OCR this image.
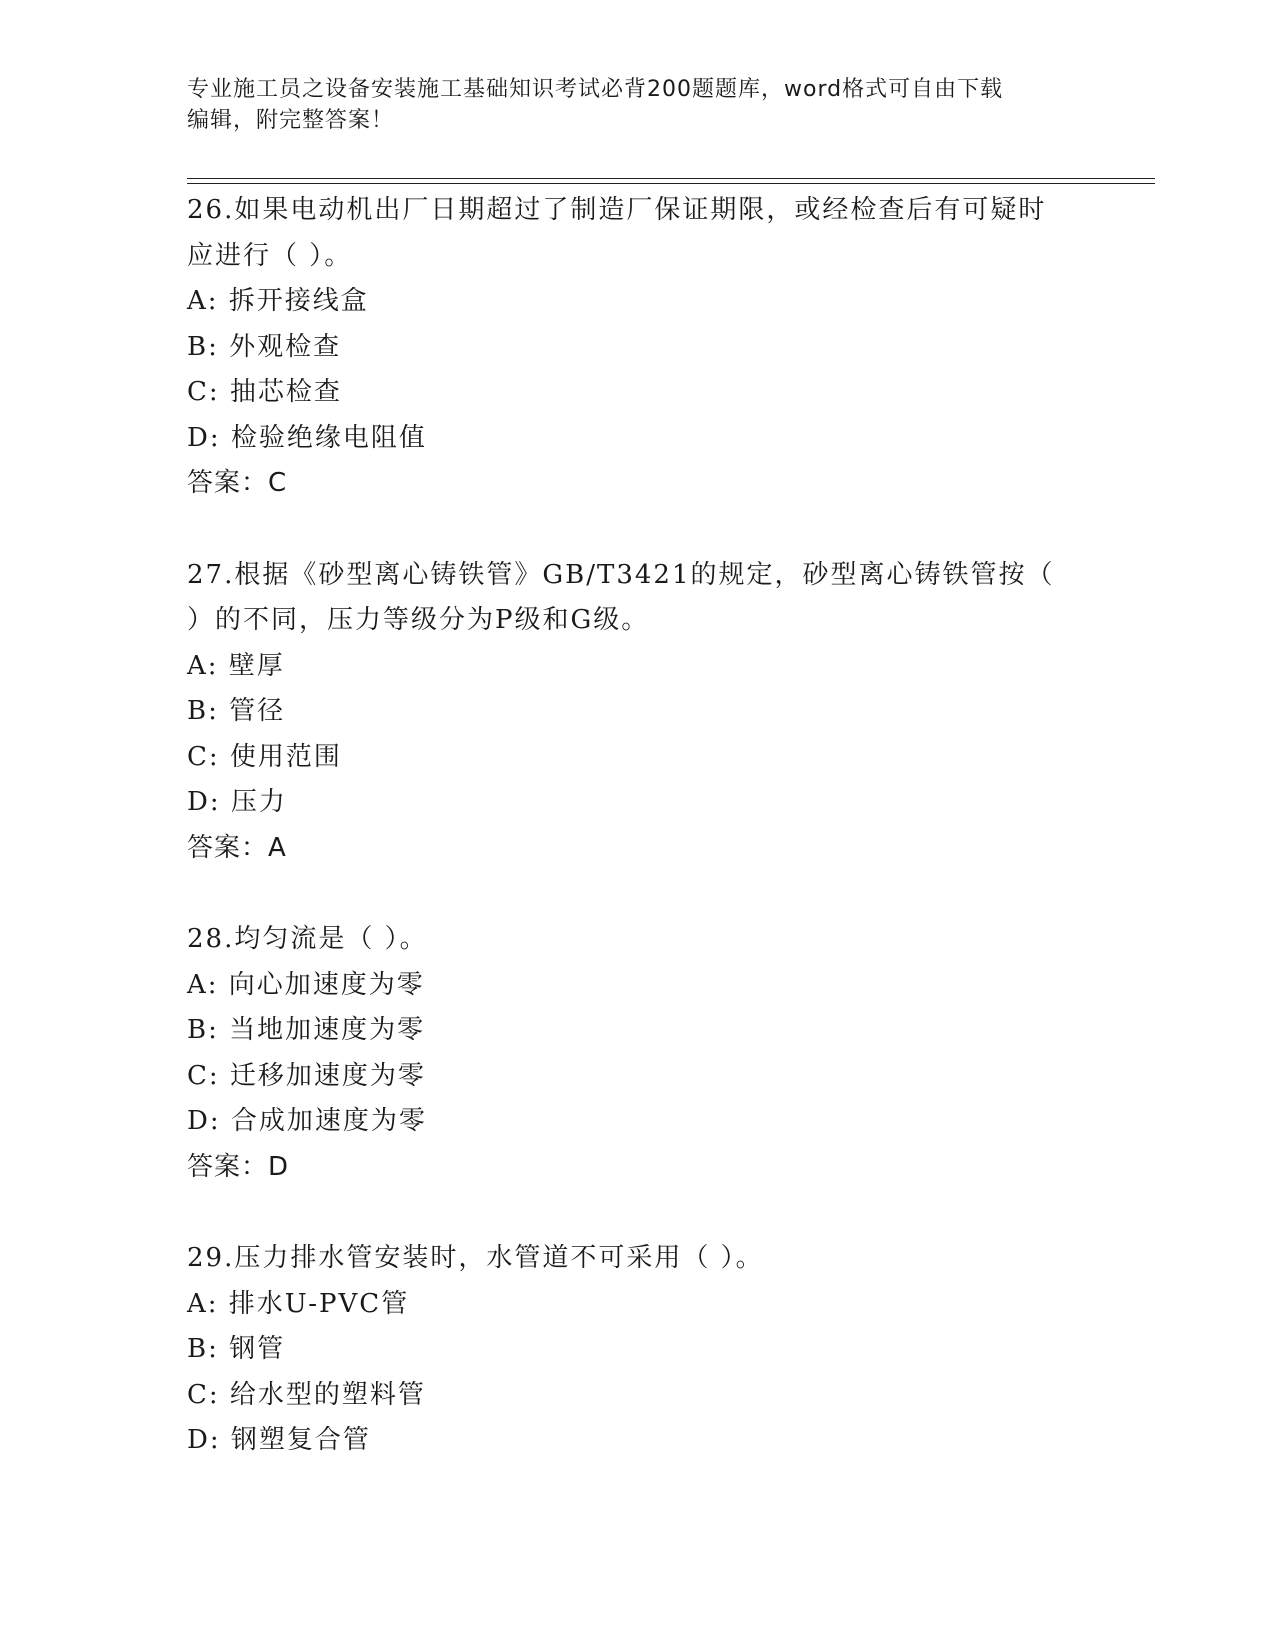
专业施工员之设备安装施工基础知识考试必背200题题库，word格式可自由下载
编辑，附完整答案！
26.如果电动机出厂日期超过了制造厂保证期限，或经检查后有可疑时
应进行（ ）。
A: 拆开接线盒
B: 外观检查
C: 抽芯检查
D: 检验绝缘电阻值
答案：C
27.根据《砂型离心铸铁管》GB/T3421的规定，砂型离心铸铁管按（
）的不同，压力等级分为P级和G级。
A: 壁厚
B: 管径
C: 使用范围
D: 压力
答案：A
28.均匀流是（ ）。
A: 向心加速度为零
B: 当地加速度为零
C: 迁移加速度为零
D: 合成加速度为零
答案：D
29.压力排水管安装时，水管道不可采用（ ）。
A: 排水U-PVC管
B: 钢管
C: 给水型的塑料管
D: 钢塑复合管
